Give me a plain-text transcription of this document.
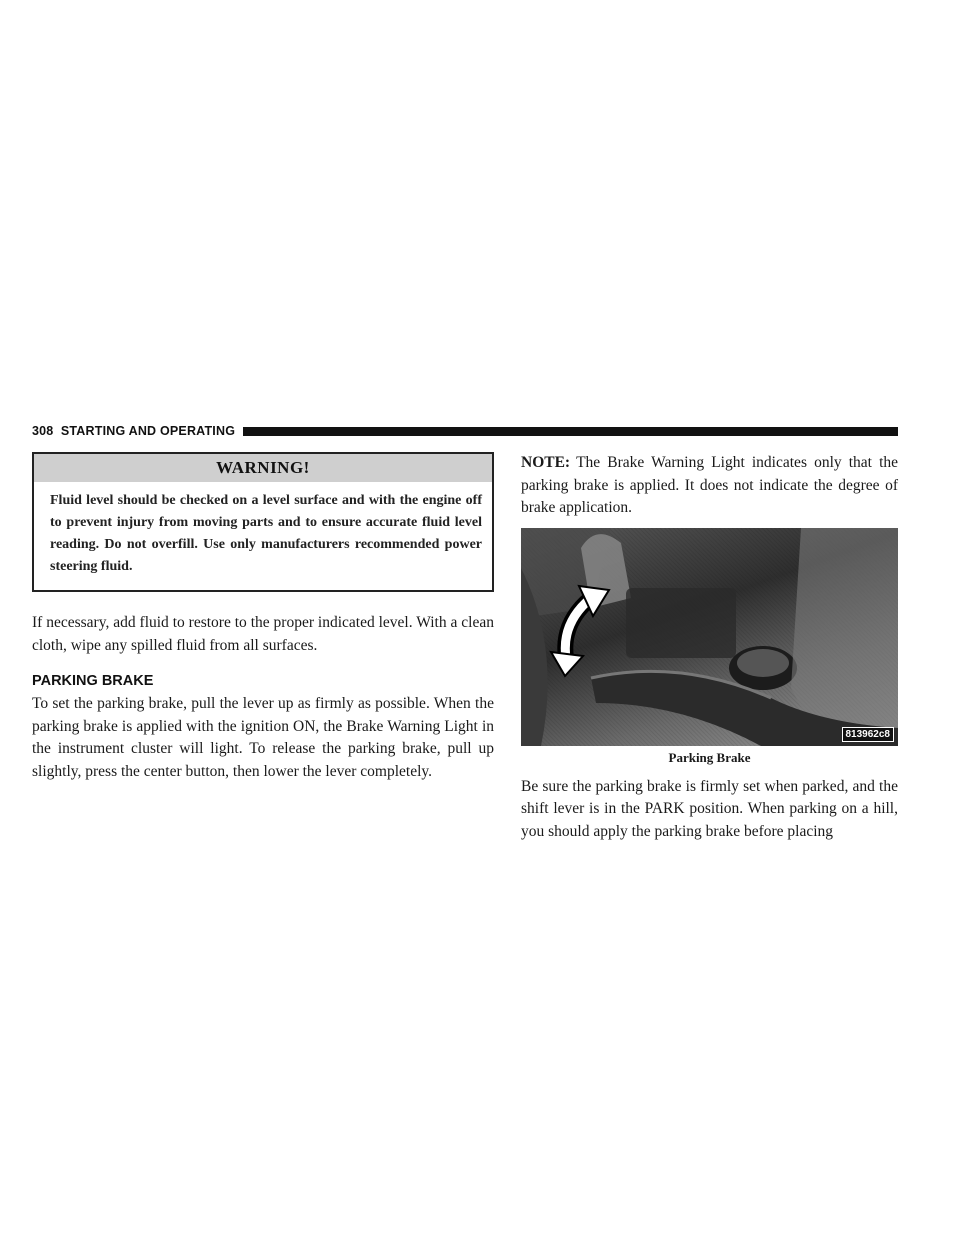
308 STARTING AND OPERATING
WARNING!
Fluid level should be checked on a level surface and with the engine off to prevent injury from moving parts and to ensure accurate fluid level reading. Do not overfill. Use only manufacturers recommended power steering fluid.

If necessary, add fluid to restore to the proper indicated level. With a clean cloth, wipe any spilled fluid from all surfaces.

PARKING BRAKE

To set the parking brake, pull the lever up as firmly as possible. When the parking brake is applied with the ignition ON, the Brake Warning Light in the instrument cluster will light. To release the parking brake, pull up slightly, press the center button, then lower the lever completely.

NOTE: The Brake Warning Light indicates only that the parking brake is applied. It does not indicate the degree of brake application.

813962c8
Parking Brake

Be sure the parking brake is firmly set when parked, and the shift lever is in the PARK position. When parking on a hill, you should apply the parking brake before placing
